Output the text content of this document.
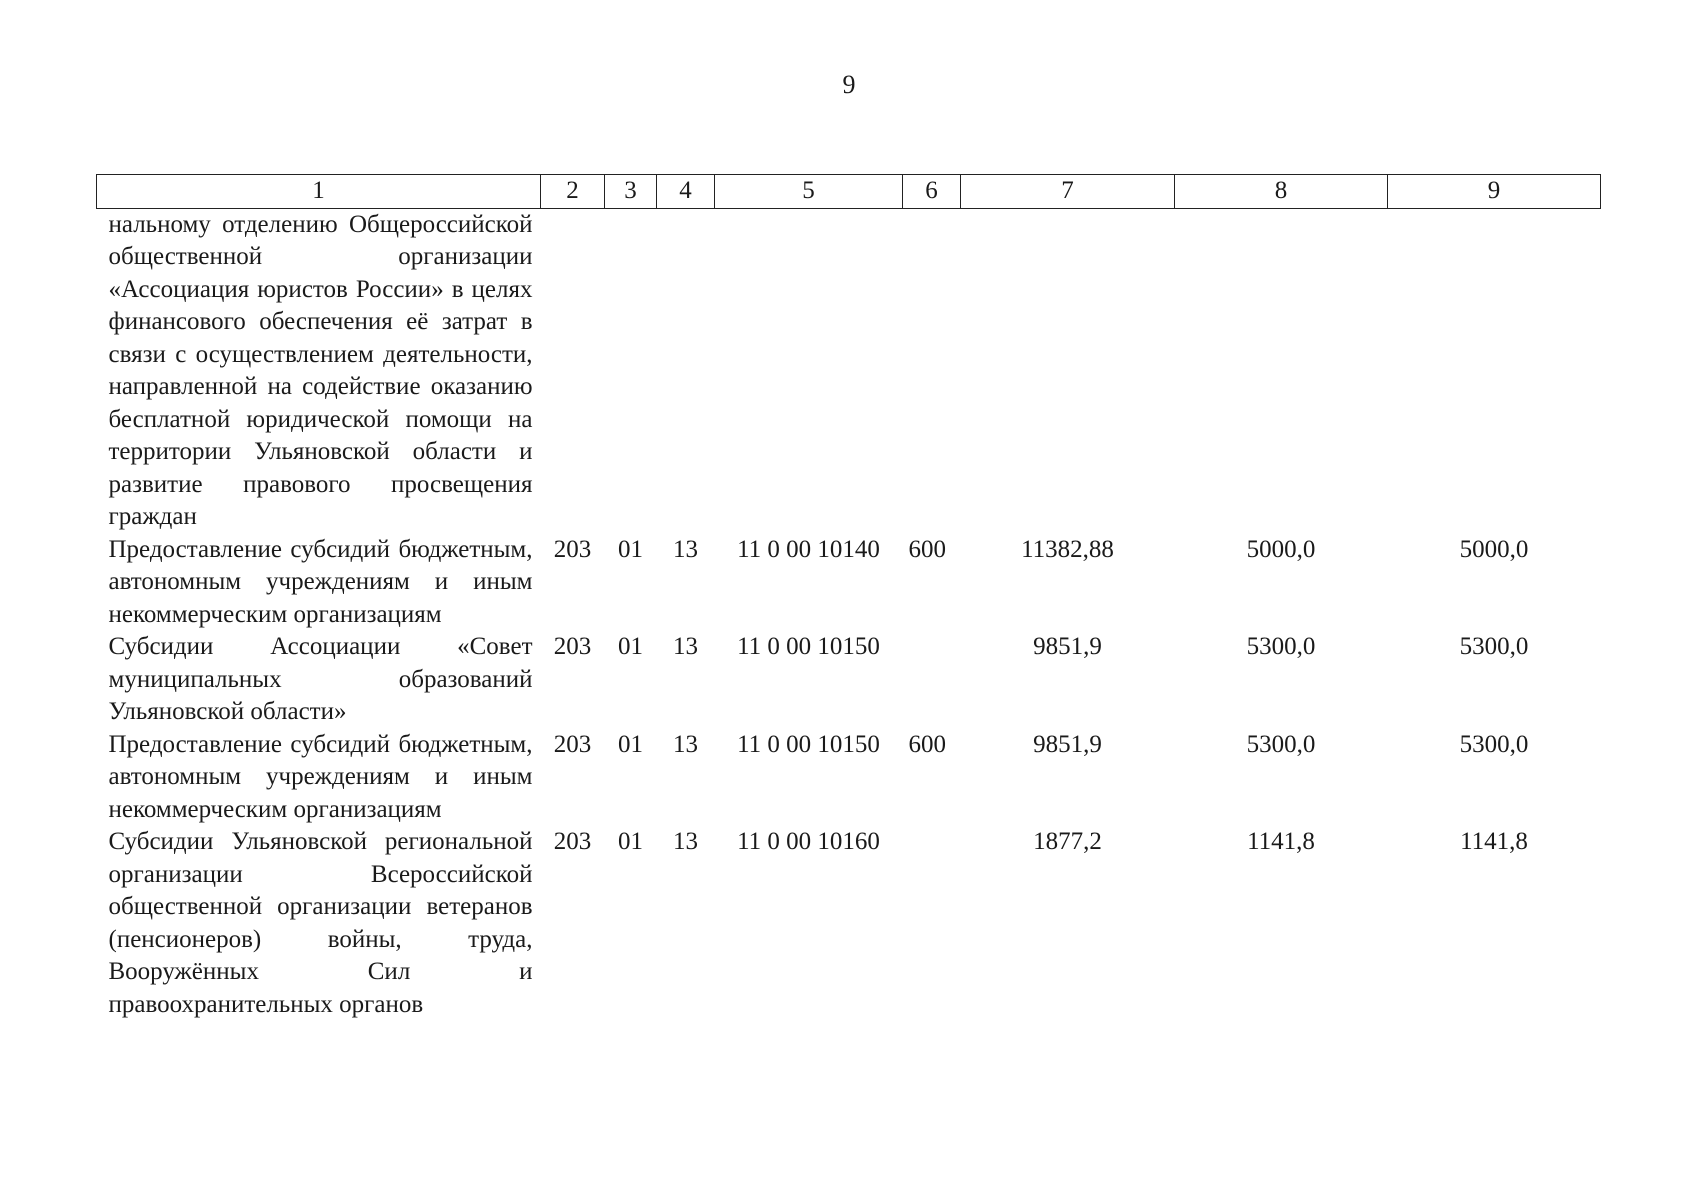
9
1	2	3	4	5	6	7	8	9
нальному отделению Общероссийской общественной организации «Ассоциация юристов России» в целях финансового обеспечения её затрат в связи с осуществлением деятельности, направленной на содействие оказанию бесплатной юридической помощи на территории Ульяновской области и развитие правового просвещения граждан								
Предоставление субсидий бюджетным, автономным учреждениям и иным некоммерческим организациям	203	01	13	11 0 00 10140	600	11382,88	5000,0	5000,0
Субсидии Ассоциации «Совет муниципальных образований Ульяновской области»	203	01	13	11 0 00 10150		9851,9	5300,0	5300,0
Предоставление субсидий бюджетным, автономным учреждениям и иным некоммерческим организациям	203	01	13	11 0 00 10150	600	9851,9	5300,0	5300,0
Субсидии Ульяновской региональной организации Всероссийской общественной организации ветеранов (пенсионеров) войны, труда, Вооружённых Сил и правоохранительных органов	203	01	13	11 0 00 10160		1877,2	1141,8	1141,8
